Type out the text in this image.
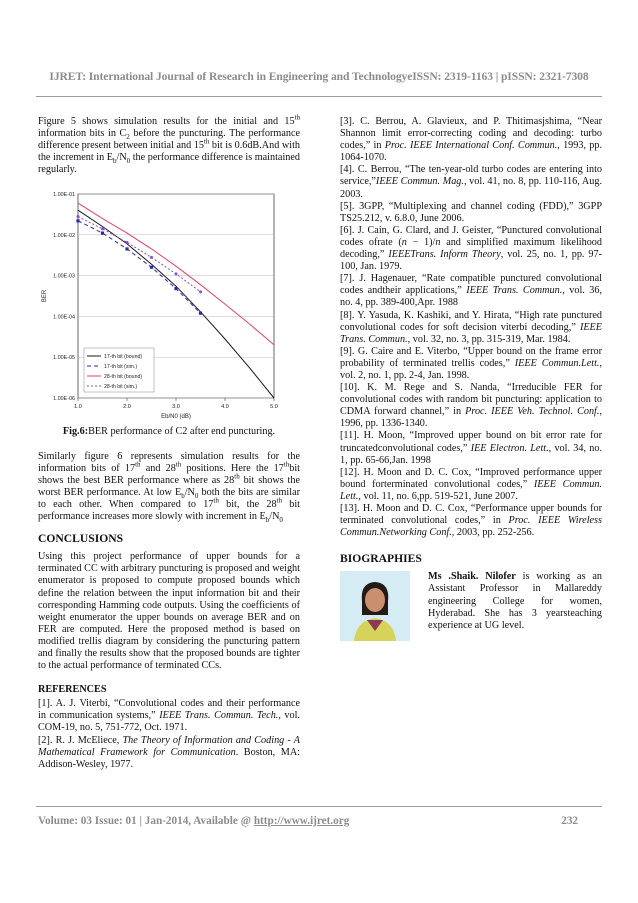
IJRET: International Journal of Research in Engineering and TechnologyeISSN: 2319-1163 | pISSN: 2321-7308

Figure 5 shows simulation results for the initial and 15th information bits in $C_2$ before the puncturing. The performance difference present between initial and 15th bit is 0.6dB.And with the increment in $E_b/N_0$ the performance difference is maintained regularly.

1.00E-01
1.00E-02
1.00E-03
1.00E-04
1.00E-05
1.00E-06
1.0	2.0	3.0	4.0	5.0
Eb/N0 (dB)
BER
17-th bit (bound)
17-th bit (sim.)
28-th bit (bound)
28-th bit (sim.)
Fig.6:BER performance of C2 after end puncturing.

Similarly figure 6 represents simulation results for the information bits of 17th and 28th positions. Here the 17thbit shows the best BER performance where as 28th bit shows the worst BER performance. At low $E_b/N_0$ both the bits are similar to each other. When compared to 17th bit, the 28th bit performance increases more slowly with increment in $E_b/N_0$

CONCLUSIONS

Using this project performance of upper bounds for a terminated CC with arbitrary puncturing is proposed and weight enumerator is proposed to compute proposed bounds which define the relation between the input information bit and their corresponding Hamming code outputs. Using the coefficients of weight enumerator the upper bounds on average BER and on FER are computed. Here the proposed method is based on modified trellis diagram by considering the puncturing pattern and finally the results show that the proposed bounds are tighter to the actual performance of terminated CCs.

REFERENCES

[1]. A. J. Viterbi, “Convolutional codes and their performance in communication systems,” IEEE Trans. Commun. Tech., vol. COM-19, no. 5, 751-772, Oct. 1971.

[2]. R. J. McEliece, The Theory of Information and Coding - A Mathematical Framework for Communication. Boston, MA: Addison-Wesley, 1977.

[3]. C. Berrou, A. Glavieux, and P. Thitimasjshima, “Near Shannon limit error-correcting coding and decoding: turbo codes,” in Proc. IEEE International Conf. Commun., 1993, pp. 1064-1070.

[4]. C. Berrou, “The ten-year-old turbo codes are entering into service,”IEEE Commun. Mag., vol. 41, no. 8, pp. 110-116, Aug. 2003.

[5]. 3GPP, “Multiplexing and channel coding (FDD),” 3GPP TS25.212, v. 6.8.0, June 2006.

[6]. J. Cain, G. Clard, and J. Geister, “Punctured convolutional codes ofrate (n − 1)/n and simplified maximum likelihood decoding,” IEEETrans. Inform Theory, vol. 25, no. 1, pp. 97-100, Jan. 1979.

[7]. J. Hagenauer, “Rate compatible punctured convolutional codes andtheir applications,” IEEE Trans. Commun., vol. 36, no. 4, pp. 389-400,Apr. 1988

[8]. Y. Yasuda, K. Kashiki, and Y. Hirata, “High rate punctured convolutional codes for soft decision viterbi decoding,” IEEE Trans. Commun., vol. 32, no. 3, pp. 315-319, Mar. 1984.

[9]. G. Caire and E. Viterbo, “Upper bound on the frame error probability of terminated trellis codes,” IEEE Commun.Lett., vol. 2, no. 1, pp. 2-4, Jan. 1998.

[10]. K. M. Rege and S. Nanda, “Irreducible FER for convolutional codes with random bit puncturing: application to CDMA forward channel,” in Proc. IEEE Veh. Technol. Conf., 1996, pp. 1336-1340.

[11]. H. Moon, “Improved upper bound on bit error rate for truncatedconvolutional codes,” IEE Electron. Lett., vol. 34, no. 1, pp. 65-66,Jan. 1998

[12]. H. Moon and D. C. Cox, “Improved performance upper bound forterminated convolutional codes,” IEEE Commun. Lett., vol. 11, no. 6,pp. 519-521, June 2007.

[13]. H. Moon and D. C. Cox, “Performance upper bounds for terminated convolutional codes,” in Proc. IEEE Wireless Commun.Networking Conf., 2003, pp. 252-256.

BIOGRAPHIES
Ms .Shaik. Nilofer is working as an Assistant Professor in Mallareddy engineering College for women, Hyderabad. She has 3 yearsteaching experience at UG level.
Volume: 03 Issue: 01 | Jan-2014, Available @ http://www.ijret.org	232
